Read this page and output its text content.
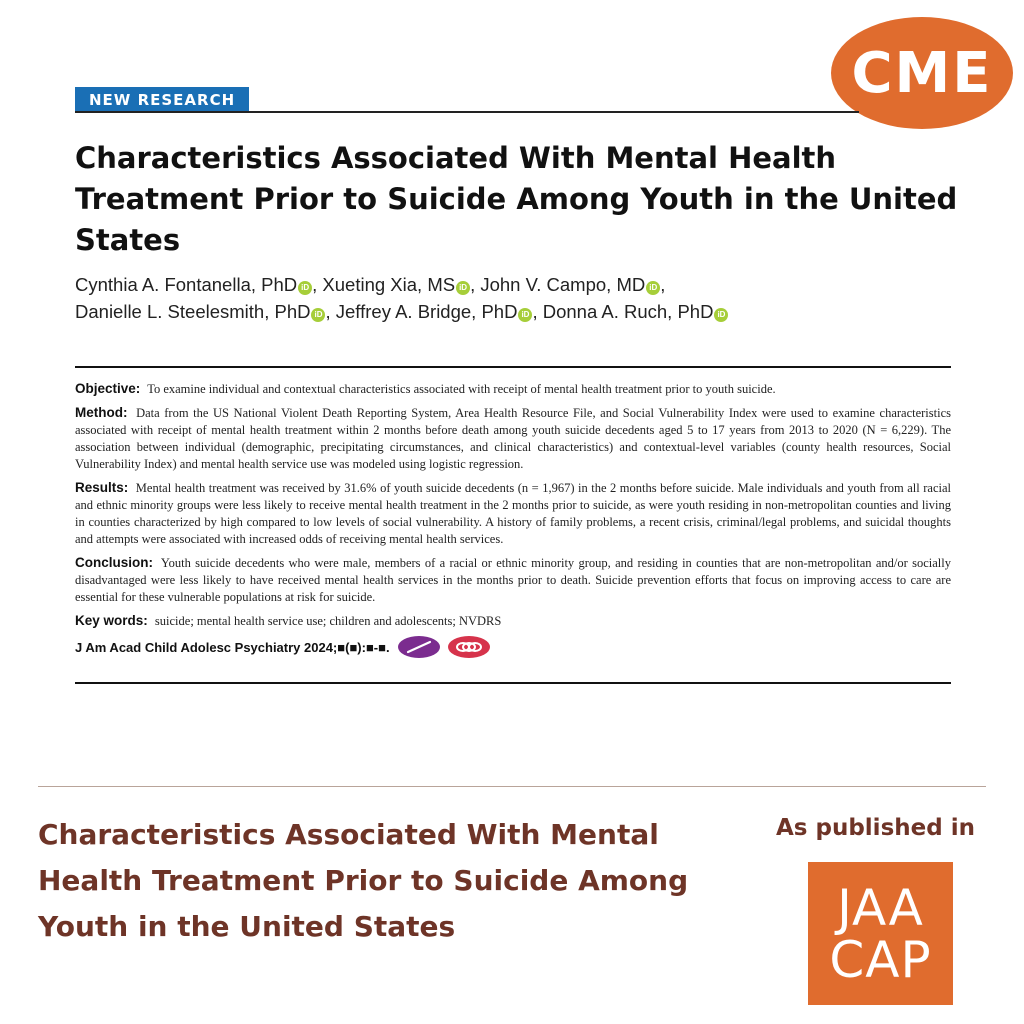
CME
NEW RESEARCH
Characteristics Associated With Mental Health Treatment Prior to Suicide Among Youth in the United States
Cynthia A. Fontanella, PhD iD , Xueting Xia, MS iD , John V. Campo, MD iD ,
Danielle L. Steelesmith, PhD iD , Jeffrey A. Bridge, PhD iD , Donna A. Ruch, PhD iD

Objective: To examine individual and contextual characteristics associated with receipt of mental health treatment prior to youth suicide.

Method: Data from the US National Violent Death Reporting System, Area Health Resource File, and Social Vulnerability Index were used to examine characteristics associated with receipt of mental health treatment within 2 months before death among youth suicide decedents aged 5 to 17 years from 2013 to 2020 (N = 6,229). The association between individual (demographic, precipitating circumstances, and clinical characteristics) and contextual-level variables (county health resources, Social Vulnerability Index) and mental health service use was modeled using logistic regression.

Results: Mental health treatment was received by 31.6% of youth suicide decedents (n = 1,967) in the 2 months before suicide. Male individuals and youth from all racial and ethnic minority groups were less likely to receive mental health treatment in the 2 months prior to suicide, as were youth residing in non-metropolitan counties and living in counties characterized by high compared to low levels of social vulnerability. A history of family problems, a recent crisis, criminal/legal problems, and suicidal thoughts and attempts were associated with increased odds of receiving mental health services.

Conclusion: Youth suicide decedents who were male, members of a racial or ethnic minority group, and residing in counties that are non-metropolitan and/or socially disadvantaged were less likely to have received mental health services in the months prior to death. Suicide prevention efforts that focus on improving access to care are essential for these vulnerable populations at risk for suicide.

Key words: suicide; mental health service use; children and adolescents; NVDRS

J Am Acad Child Adolesc Psychiatry 2024;■(■):■-■.
Characteristics Associated With Mental Health Treatment Prior to Suicide Among Youth in the United States
As published in
JAA
CAP
